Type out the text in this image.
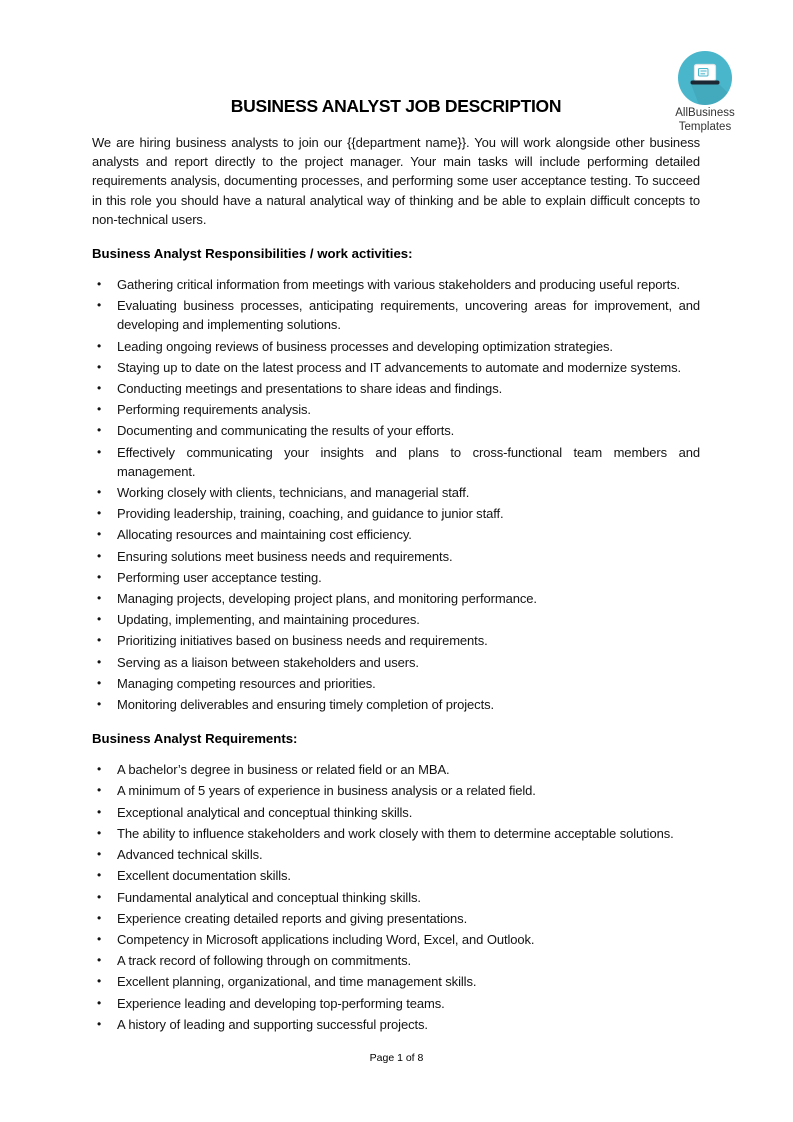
AllBusiness
Templates
BUSINESS ANALYST JOB DESCRIPTION

We are hiring business analysts to join our {{department name}}. You will work alongside other business analysts and report directly to the project manager. Your main tasks will include performing detailed requirements analysis, documenting processes, and performing some user acceptance testing. To succeed in this role you should have a natural analytical way of thinking and be able to explain difficult concepts to non-technical users.

Business Analyst Responsibilities / work activities:
• Gathering critical information from meetings with various stakeholders and producing useful reports.
• Evaluating business processes, anticipating requirements, uncovering areas for improvement, and developing and implementing solutions.
• Leading ongoing reviews of business processes and developing optimization strategies.
• Staying up to date on the latest process and IT advancements to automate and modernize systems.
• Conducting meetings and presentations to share ideas and findings.
• Performing requirements analysis.
• Documenting and communicating the results of your efforts.
• Effectively communicating your insights and plans to cross-functional team members and management.
• Working closely with clients, technicians, and managerial staff.
• Providing leadership, training, coaching, and guidance to junior staff.
• Allocating resources and maintaining cost efficiency.
• Ensuring solutions meet business needs and requirements.
• Performing user acceptance testing.
• Managing projects, developing project plans, and monitoring performance.
• Updating, implementing, and maintaining procedures.
• Prioritizing initiatives based on business needs and requirements.
• Serving as a liaison between stakeholders and users.
• Managing competing resources and priorities.
• Monitoring deliverables and ensuring timely completion of projects.
Business Analyst Requirements:
• A bachelor’s degree in business or related field or an MBA.
• A minimum of 5 years of experience in business analysis or a related field.
• Exceptional analytical and conceptual thinking skills.
• The ability to influence stakeholders and work closely with them to determine acceptable solutions.
• Advanced technical skills.
• Excellent documentation skills.
• Fundamental analytical and conceptual thinking skills.
• Experience creating detailed reports and giving presentations.
• Competency in Microsoft applications including Word, Excel, and Outlook.
• A track record of following through on commitments.
• Excellent planning, organizational, and time management skills.
• Experience leading and developing top-performing teams.
• A history of leading and supporting successful projects.
Page 1 of 8
